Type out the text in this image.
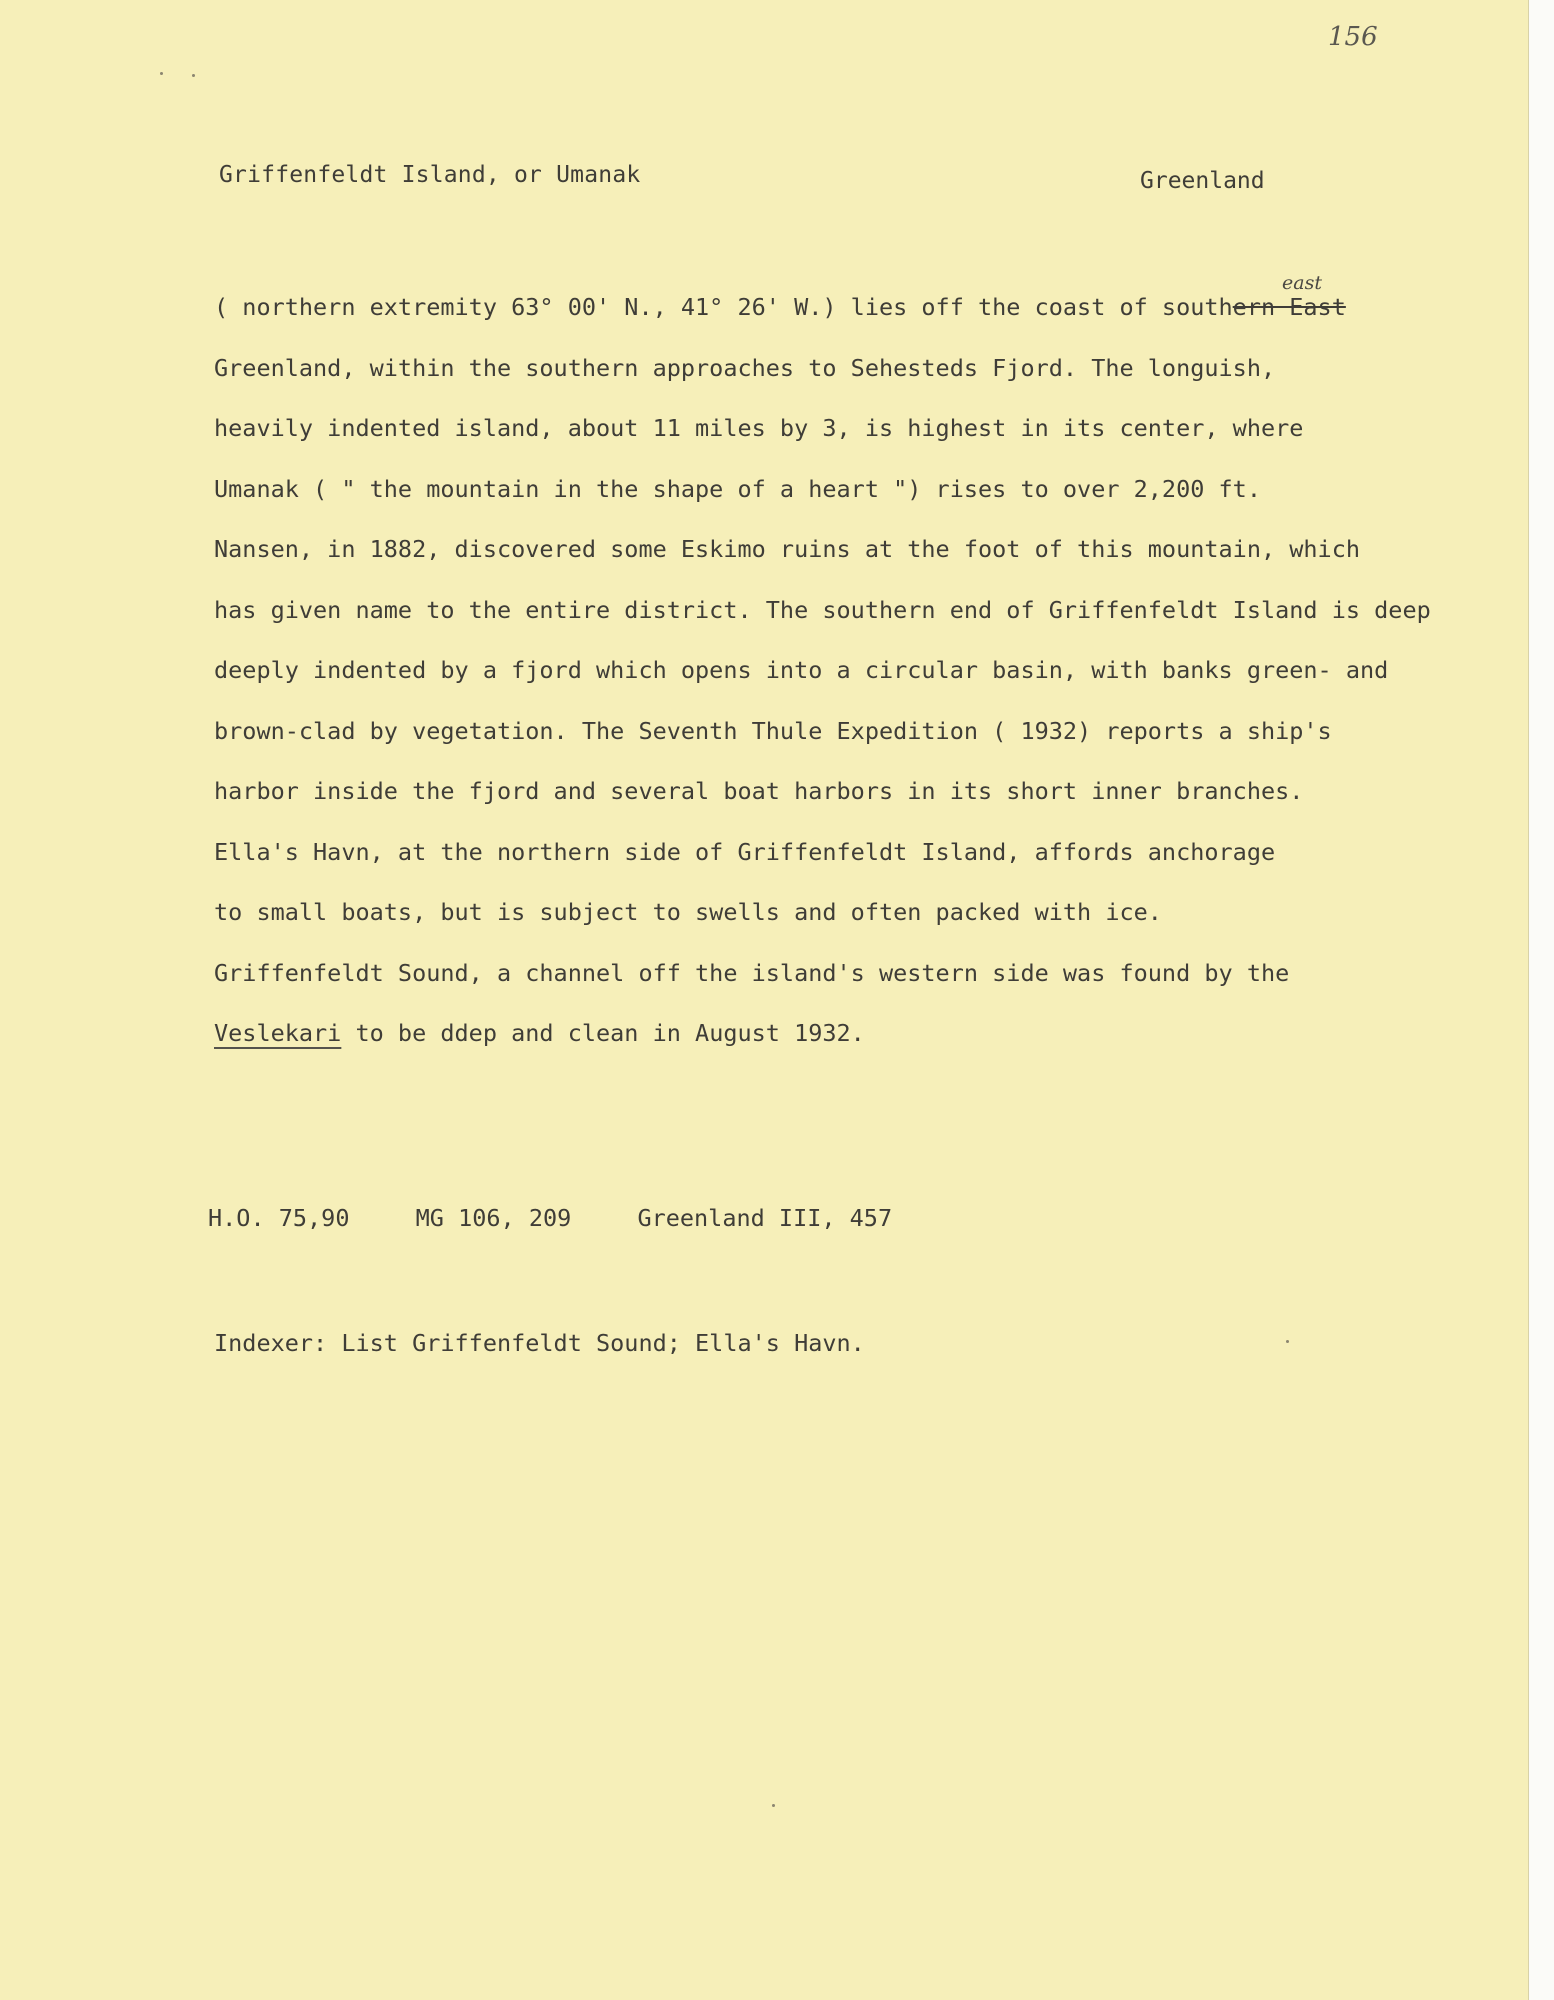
156
Griffenfeldt Island, or Umanak	Greenland
east
( northern extremity 63° 00' N., 41° 26' W.) lies off the coast of southern East
Greenland, within the southern approaches to Sehesteds Fjord. The longuish,
heavily indented island, about 11 miles by 3, is highest in its center, where
Umanak ( " the mountain in the shape of a heart ") rises to over 2,200 ft.
Nansen, in 1882, discovered some Eskimo ruins at the foot of this mountain, which
has given name to the entire district. The southern end of Griffenfeldt Island is deep
deeply indented by a fjord which opens into a circular basin, with banks green- and
brown-clad by vegetation. The Seventh Thule Expedition ( 1932) reports a ship's
harbor inside the fjord and several boat harbors in its short inner branches.
Ella's Havn, at the northern side of Griffenfeldt Island, affords anchorage
to small boats, but is subject to swells and often packed with ice.
Griffenfeldt Sound, a channel off the island's western side was found by the
Veslekari to be ddep and clean in August 1932.
H.O. 75,90	MG 106, 209	Greenland III, 457
Indexer: List Griffenfeldt Sound; Ella's Havn.
